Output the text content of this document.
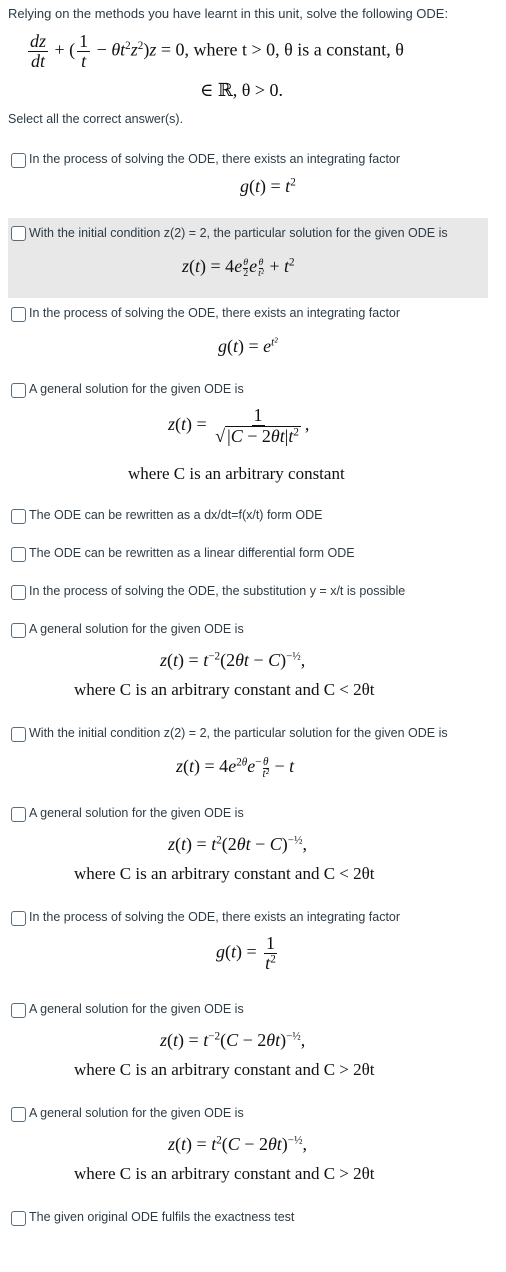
Relying on the methods you have learnt in this unit, solve the following ODE:
$\frac{dz}{dt}$ + ( $\frac{1}{t} - \theta t^2z^2)z = 0$, where t > 0, θ is a constant, θ
∈ ℝ, θ > 0.
Select all the correct answer(s).
In the process of solving the ODE, there exists an integrating factor
$g(t) = t^2$
With the initial condition z(2) = 2, the particular solution for the given ODE is
$z(t) = 4e \frac{\theta}{2}$ e $\frac{\theta}{\text{t²}} + t^2$
In the process of solving the ODE, there exists an integrating factor
$g(t) = e^{t^2}$
A general solution for the given ODE is
$z(t) = \frac{1}{√ |C - 2\theta t|t^2}$ ,
where C is an arbitrary constant
The ODE can be rewritten as a dx/dt=f(x/t) form ODE
The ODE can be rewritten as a linear differential form ODE
In the process of solving the ODE, the substitution y = x/t is possible
A general solution for the given ODE is
$z(t) = t^{-2}(2\theta t - C)^{-\frac{1}{2}}$,
where C is an arbitrary constant and C < 2θt
With the initial condition z(2) = 2, the particular solution for the given ODE is
$z(t) = 4e^{2\theta}e^{- \frac{\theta}{\text{t²}}} - t$
A general solution for the given ODE is
$z(t) = t^2(2\theta t - C)^{-\frac{1}{2}}$,
where C is an arbitrary constant and C < 2θt
In the process of solving the ODE, there exists an integrating factor
$g(t) = \frac{1}{t^2}$
A general solution for the given ODE is
$z(t) = t^{-2}(C - 2\theta t)^{-\frac{1}{2}}$,
where C is an arbitrary constant and C > 2θt
A general solution for the given ODE is
$z(t) = t^2(C - 2\theta t)^{-\frac{1}{2}}$,
where C is an arbitrary constant and C > 2θt
The given original ODE fulfils the exactness test
